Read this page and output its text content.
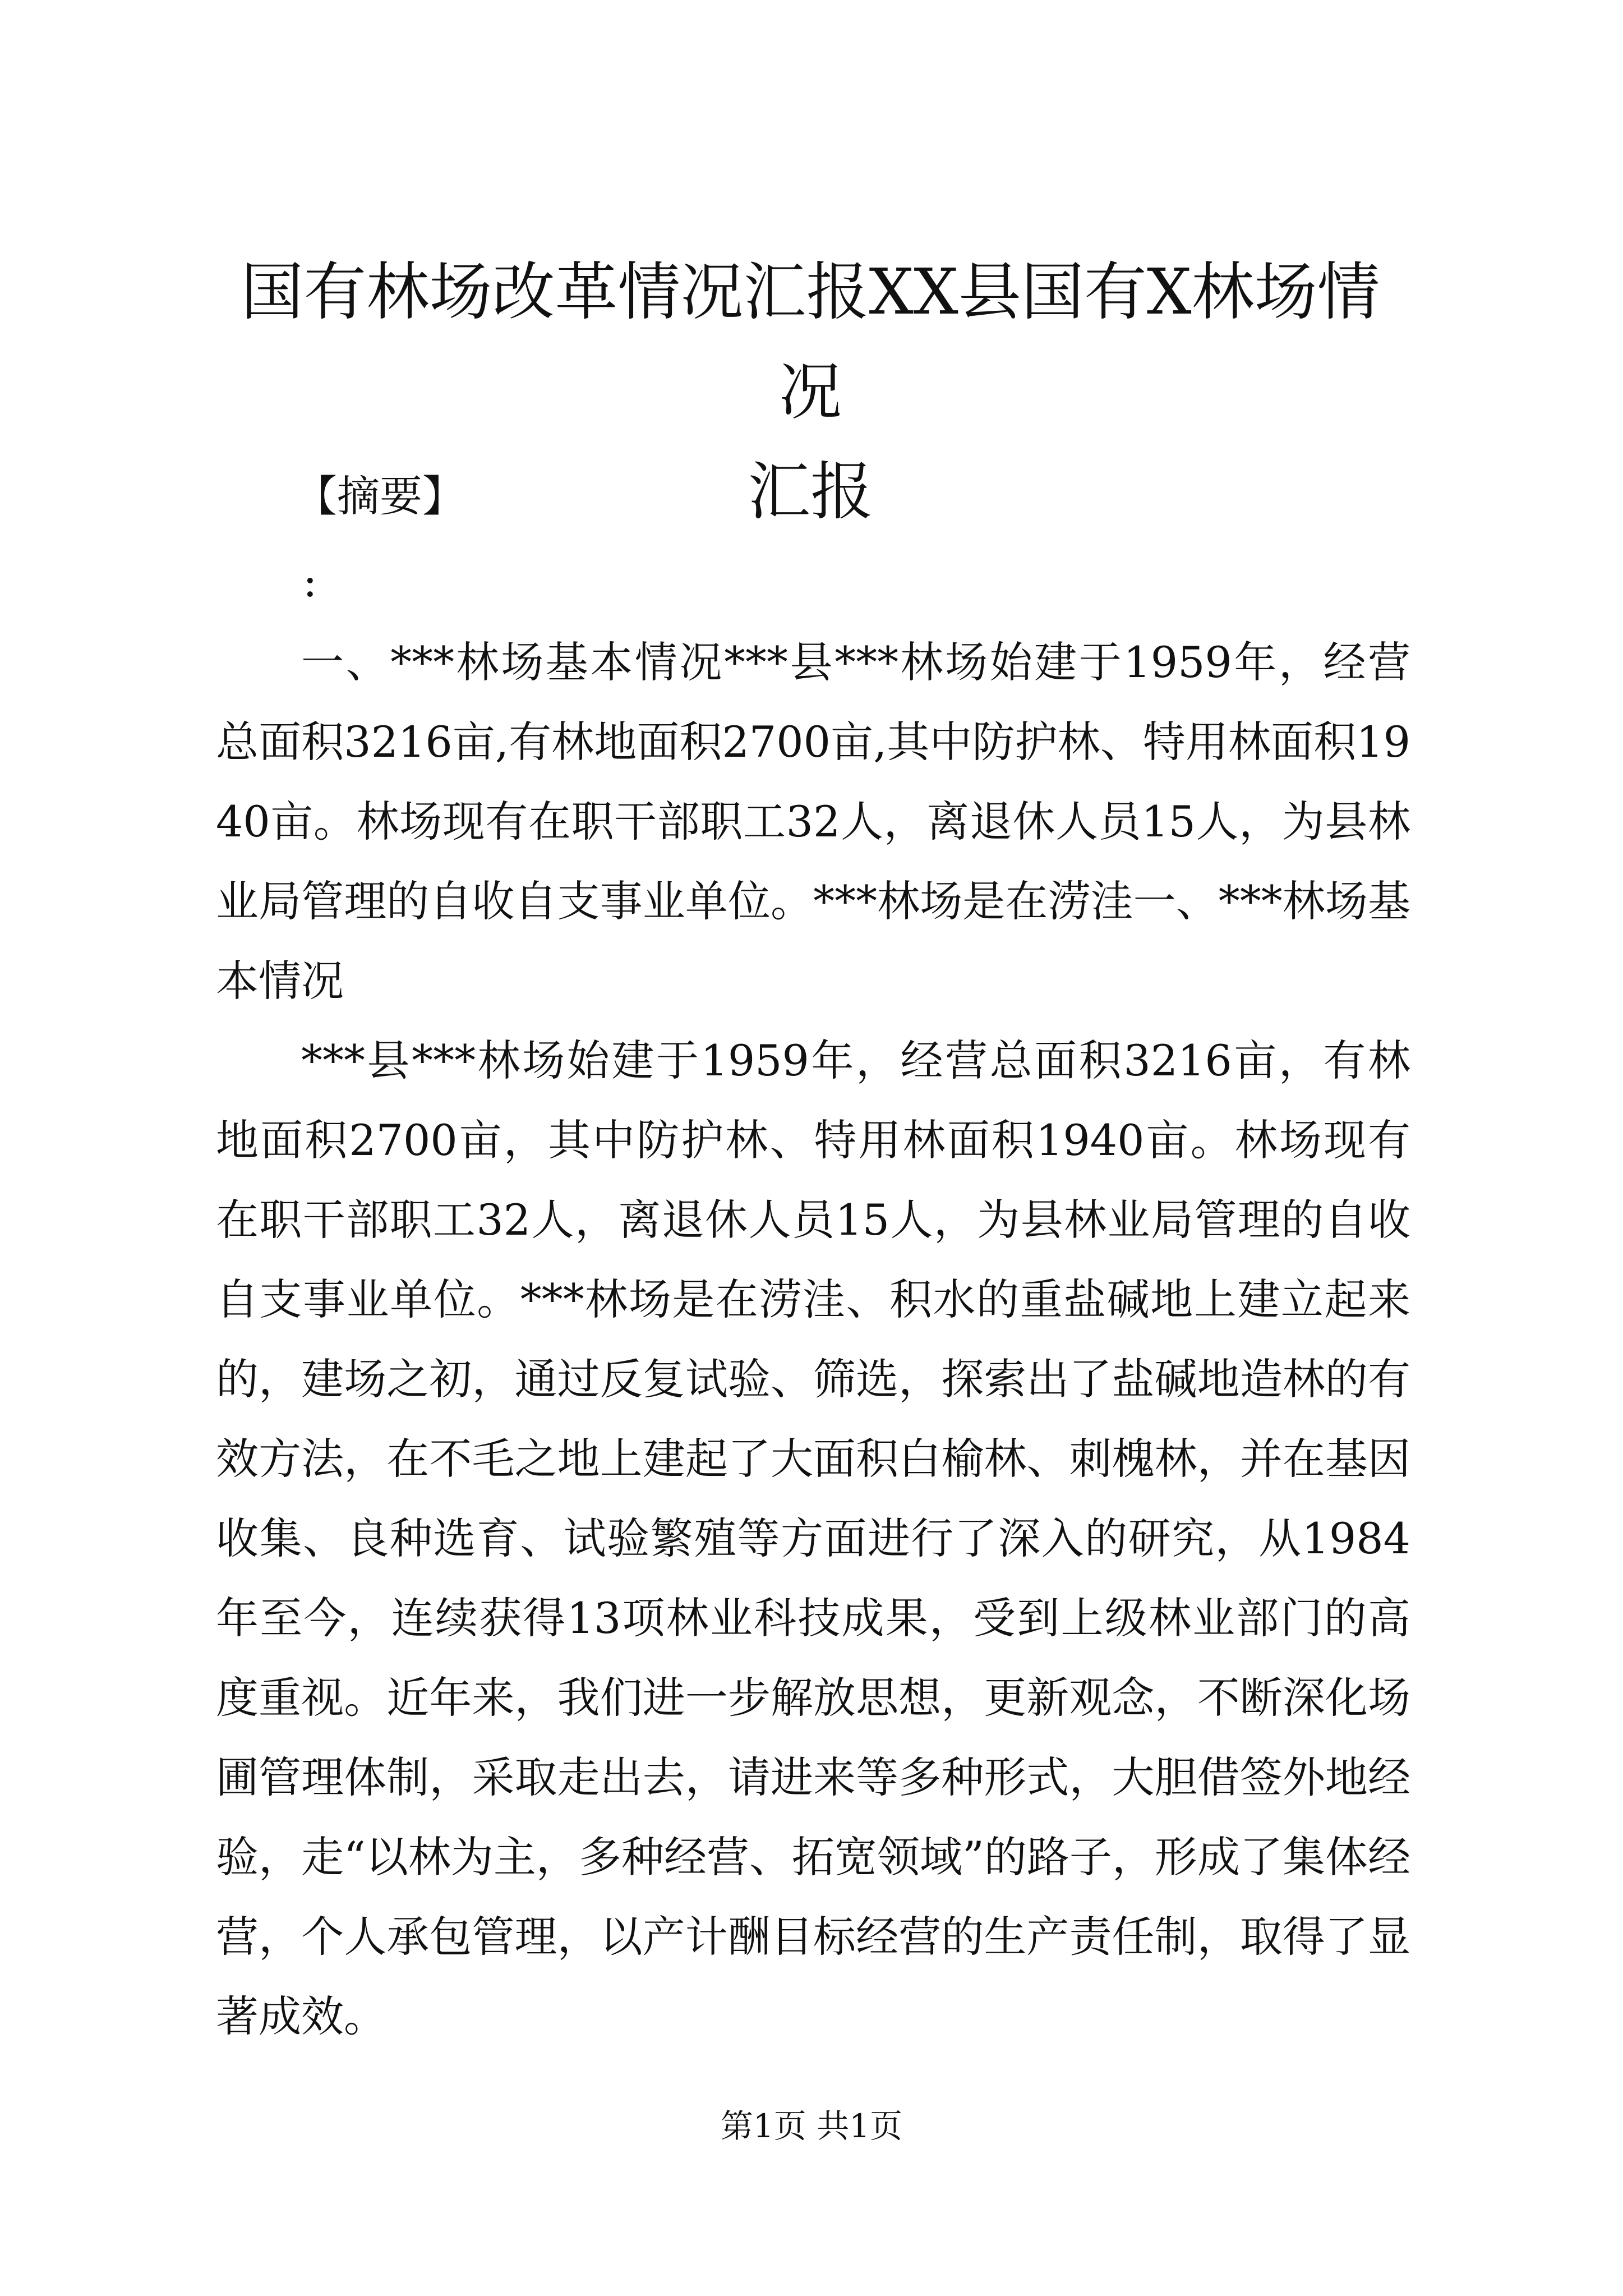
国有林场改革情况汇报XX县国有X林场情况
汇报

【摘要】

:

一、***林场基本情况***县***林场始建于1959年，经营总面积3216亩,有林地面积2700亩,其中防护林、特用林面积1940亩。林场现有在职干部职工32人，离退休人员15人，为县林业局管理的自收自支事业单位。***林场是在涝洼一、***林场基本情况

***县***林场始建于1959年，经营总面积3216亩，有林地面积2700亩，其中防护林、特用林面积1940亩。林场现有在职干部职工32人，离退休人员15人，为县林业局管理的自收自支事业单位。***林场是在涝洼、积水的重盐碱地上建立起来的，建场之初，通过反复试验、筛选，探索出了盐碱地造林的有效方法，在不毛之地上建起了大面积白榆林、刺槐林，并在基因收集、良种选育、试验繁殖等方面进行了深入的研究，从1984年至今，连续获得13项林业科技成果，受到上级林业部门的高度重视。近年来，我们进一步解放思想，更新观念，不断深化场圃管理体制，采取走出去，请进来等多种形式，大胆借签外地经验，走“以林为主，多种经营、拓宽领域”的路子，形成了集体经营，个人承包管理，以产计酬目标经营的生产责任制，取得了显著成效。

第1页 共1页
